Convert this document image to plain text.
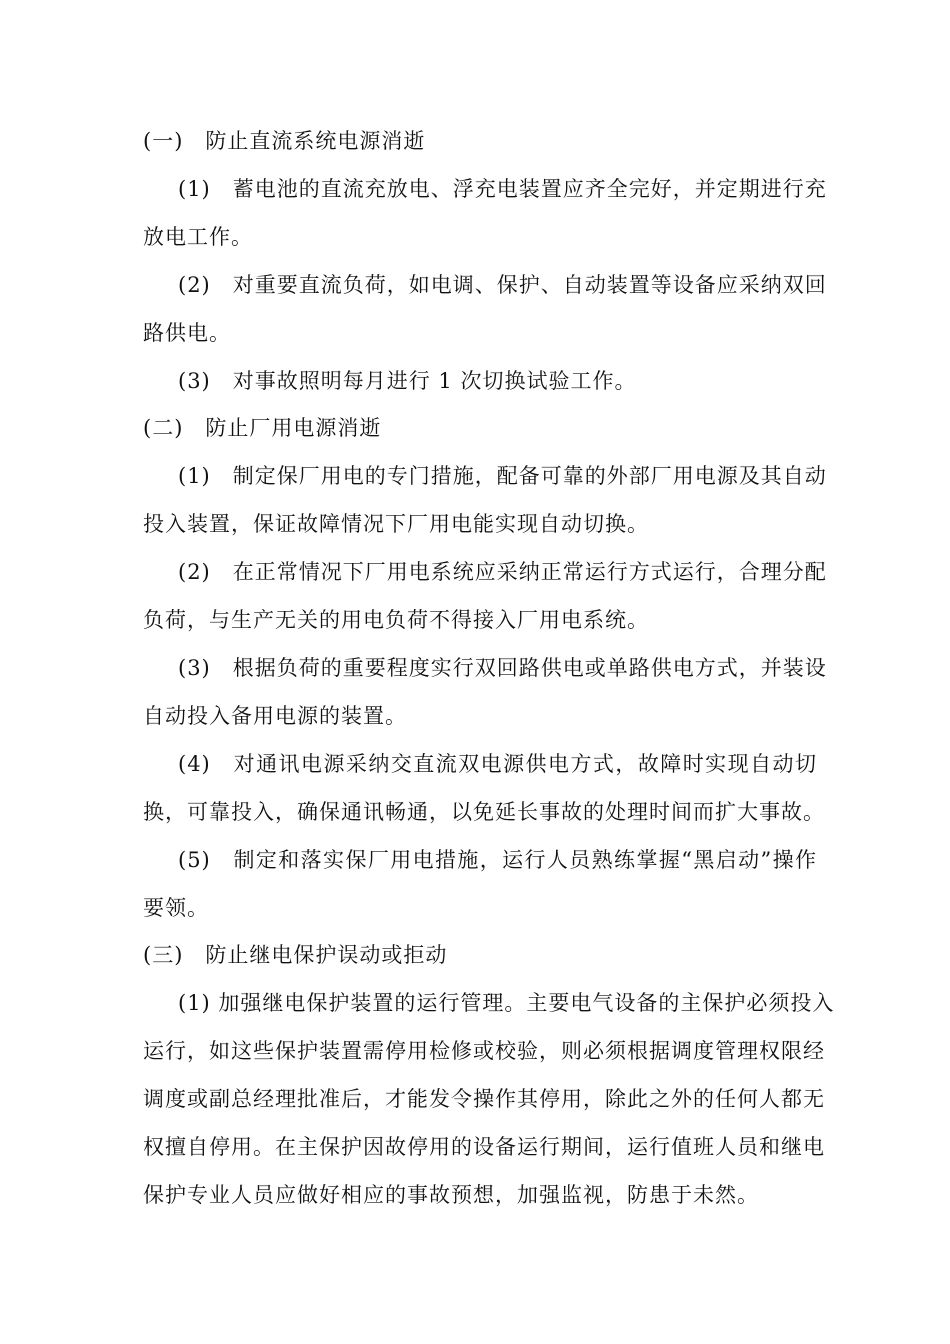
(一)　防止直流系统电源消逝
(1)　蓄电池的直流充放电、浮充电装置应齐全完好，并定期进行充
放电工作。
(2)　对重要直流负荷，如电调、保护、自动装置等设备应采纳双回
路供电。
(3)　对事故照明每月进行 1 次切换试验工作。
(二)　防止厂用电源消逝
(1)　制定保厂用电的专门措施，配备可靠的外部厂用电源及其自动
投入装置，保证故障情况下厂用电能实现自动切换。
(2)　在正常情况下厂用电系统应采纳正常运行方式运行，合理分配
负荷，与生产无关的用电负荷不得接入厂用电系统。
(3)　根据负荷的重要程度实行双回路供电或单路供电方式，并装设
自动投入备用电源的装置。
(4)　对通讯电源采纳交直流双电源供电方式，故障时实现自动切
换，可靠投入，确保通讯畅通，以免延长事故的处理时间而扩大事故。
(5)　制定和落实保厂用电措施，运行人员熟练掌握“黑启动”操作
要领。
(三)　防止继电保护误动或拒动
(1) 加强继电保护装置的运行管理。主要电气设备的主保护必须投入
运行，如这些保护装置需停用检修或校验，则必须根据调度管理权限经
调度或副总经理批准后，才能发令操作其停用，除此之外的任何人都无
权擅自停用。在主保护因故停用的设备运行期间，运行值班人员和继电
保护专业人员应做好相应的事故预想，加强监视，防患于未然。
